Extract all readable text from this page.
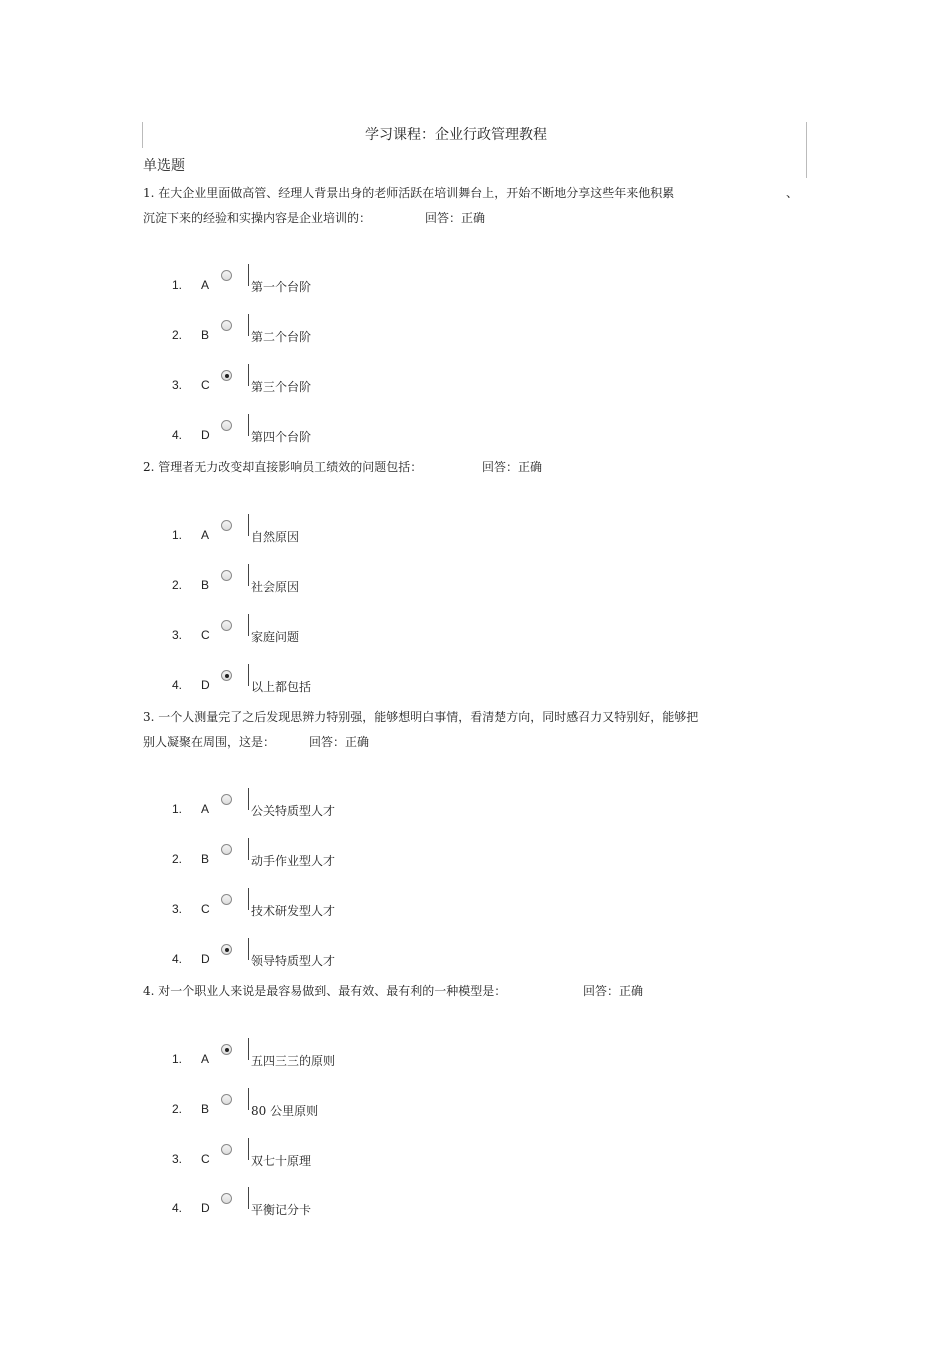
学习课程：企业行政管理教程
单选题
1. 在大企业里面做高管、经理人背景出身的老师活跃在培训舞台上，开始不断地分享这些年来他积累	、
沉淀下来的经验和实操内容是企业培训的：	回答：正确
1. A	第一个台阶
2. B	第二个台阶
3. C	第三个台阶
4. D	第四个台阶
2. 管理者无力改变却直接影响员工绩效的问题包括：	回答：正确
1. A	自然原因
2. B	社会原因
3. C	家庭问题
4. D	以上都包括
3. 一个人测量完了之后发现思辨力特别强，能够想明白事情，看清楚方向，同时感召力又特别好，能够把
别人凝聚在周围，这是：	回答：正确
1. A	公关特质型人才
2. B	动手作业型人才
3. C	技术研发型人才
4. D	领导特质型人才
4. 对一个职业人来说是最容易做到、最有效、最有利的一种模型是：	回答：正确
1. A	五四三三的原则
2. B	80 公里原则
3. C	双七十原理
4. D	平衡记分卡
